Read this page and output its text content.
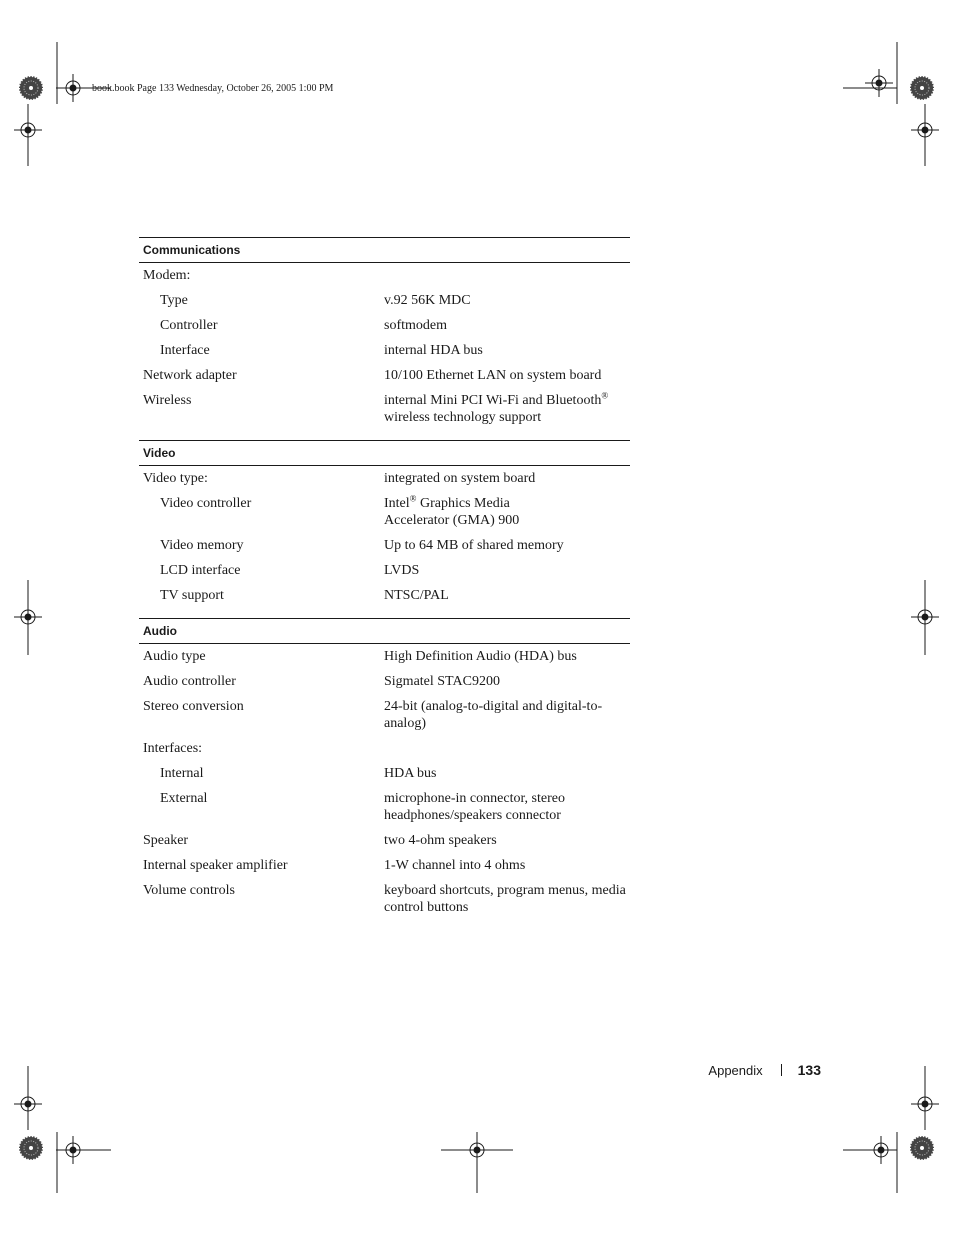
book.book Page 133 Wednesday, October 26, 2005 1:00 PM
Communications	
Modem:	
Type	v.92 56K MDC
Controller	softmodem
Interface	internal HDA bus
Network adapter	10/100 Ethernet LAN on system board
Wireless	internal Mini PCI Wi-Fi and Bluetooth®
wireless technology support
Video	
Video type:	integrated on system board
Video controller	Intel® Graphics Media
Accelerator (GMA) 900
Video memory	Up to 64 MB of shared memory
LCD interface	LVDS
TV support	NTSC/PAL
Audio	
Audio type	High Definition Audio (HDA) bus
Audio controller	Sigmatel STAC9200
Stereo conversion	24-bit (analog-to-digital and digital-to-
analog)
Interfaces:	
Internal	HDA bus
External	microphone-in connector, stereo
headphones/speakers connector
Speaker	two 4-ohm speakers
Internal speaker amplifier	1-W channel into 4 ohms
Volume controls	keyboard shortcuts, program menus, media
control buttons
Appendix	133
